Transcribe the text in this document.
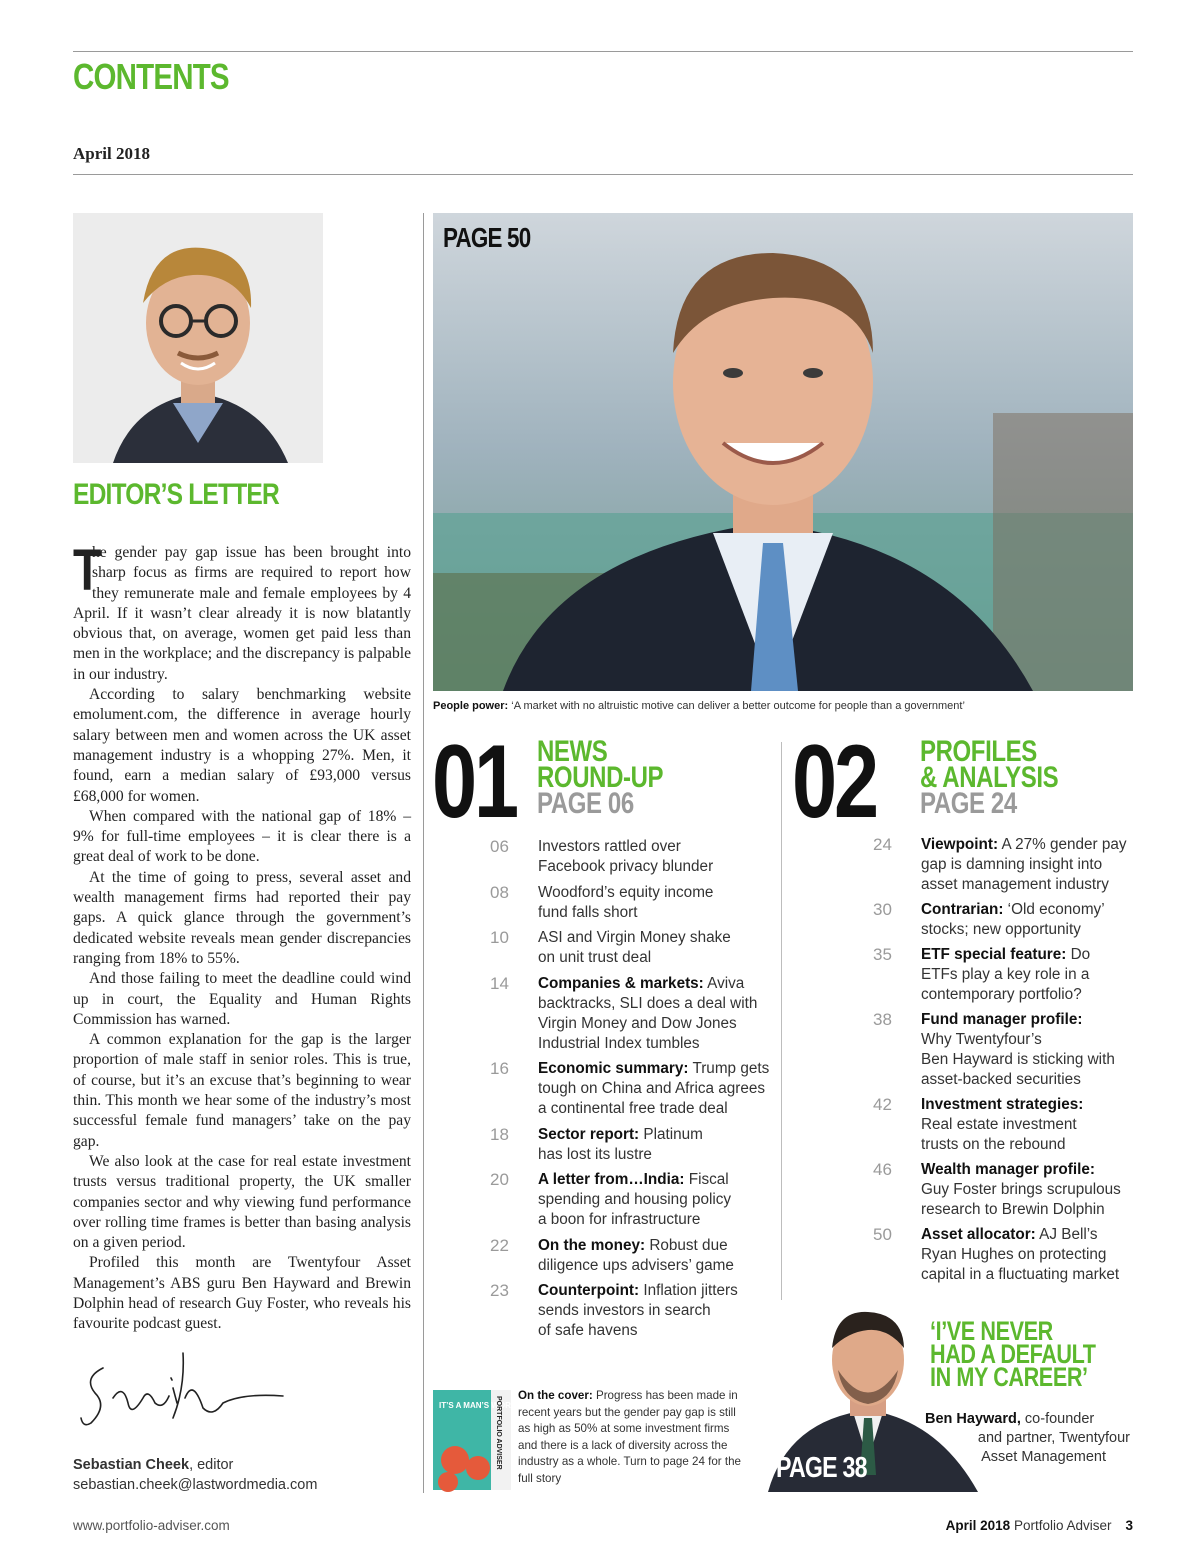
CONTENTS
April 2018
EDITOR’S LETTER

T
he gender pay gap issue has been brought into sharp focus as firms are required to report how they remunerate male and female employees by 4 April. If it wasn’t clear already it is now blatantly obvious that, on average, women get paid less than men in the workplace; and the discrepancy is palpable in our industry.

According to salary benchmarking website emolument.com, the difference in average hourly salary between men and women across the UK asset management industry is a whopping 27%. Men, it found, earn a median salary of £93,000 versus £68,000 for women.

When compared with the national gap of 18% – 9% for full-time employees – it is clear there is a great deal of work to be done.

At the time of going to press, several asset and wealth management firms had reported their pay gaps. A quick glance through the government’s dedicated website reveals mean gender discrepancies ranging from 18% to 55%.

And those failing to meet the deadline could wind up in court, the Equality and Human Rights Commission has warned.

A common explanation for the gap is the larger proportion of male staff in senior roles. This is true, of course, but it’s an excuse that’s beginning to wear thin. This month we hear some of the industry’s most successful female fund managers’ take on the pay gap.

We also look at the case for real estate investment trusts versus traditional property, the UK smaller companies sector and why viewing fund performance over rolling time frames is better than basing analysis on a given period.

Profiled this month are Twentyfour Asset Management’s ABS guru Ben Hayward and Brewin Dolphin head of research Guy Foster, who reveals his favourite podcast guest.

Sebastian Cheek, editor
sebastian.cheek@lastwordmedia.com
PAGE 50
People power: ‘A market with no altruistic motive can deliver a better outcome for people than a government’
01 NEWS
ROUND-UP
PAGE 06
06	Investors rattled over
Facebook privacy blunder
08	Woodford’s equity income
fund falls short
10	ASI and Virgin Money shake
on unit trust deal
14	Companies & markets: Aviva
backtracks, SLI does a deal with
Virgin Money and Dow Jones
Industrial Index tumbles
16	Economic summary: Trump gets
tough on China and Africa agrees
a continental free trade deal
18	Sector report: Platinum
has lost its lustre
20	A letter from…India: Fiscal
spending and housing policy
a boon for infrastructure
22	On the money: Robust due
diligence ups advisers’ game
23	Counterpoint: Inflation jitters
sends investors in search
of safe havens
02 PROFILES
& ANALYSIS
PAGE 24
24	Viewpoint: A 27% gender pay
gap is damning insight into
asset management industry
30	Contrarian: ‘Old economy’
stocks; new opportunity
35	ETF special feature: Do
ETFs play a key role in a
contemporary portfolio?
38	Fund manager profile:
Why Twentyfour’s
Ben Hayward is sticking with
asset-backed securities
42	Investment strategies:
Real estate investment
trusts on the rebound
46	Wealth manager profile:
Guy Foster brings scrupulous
research to Brewin Dolphin
50	Asset allocator: AJ Bell’s
Ryan Hughes on protecting
capital in a fluctuating market
IT’S A MAN’S WORLD
PORTFOLIO ADVISER
On the cover: Progress has been made in recent years but the gender pay gap is still as high as 50% at some investment firms and there is a lack of diversity across the industry as a whole. Turn to page 24 for the full story	PAGE 38
‘I’VE NEVER
HAD A DEFAULT
IN MY CAREER’
Ben Hayward, co-founder
and partner, Twentyfour
Asset Management
www.portfolio-adviser.com	April 2018 Portfolio Adviser 3
